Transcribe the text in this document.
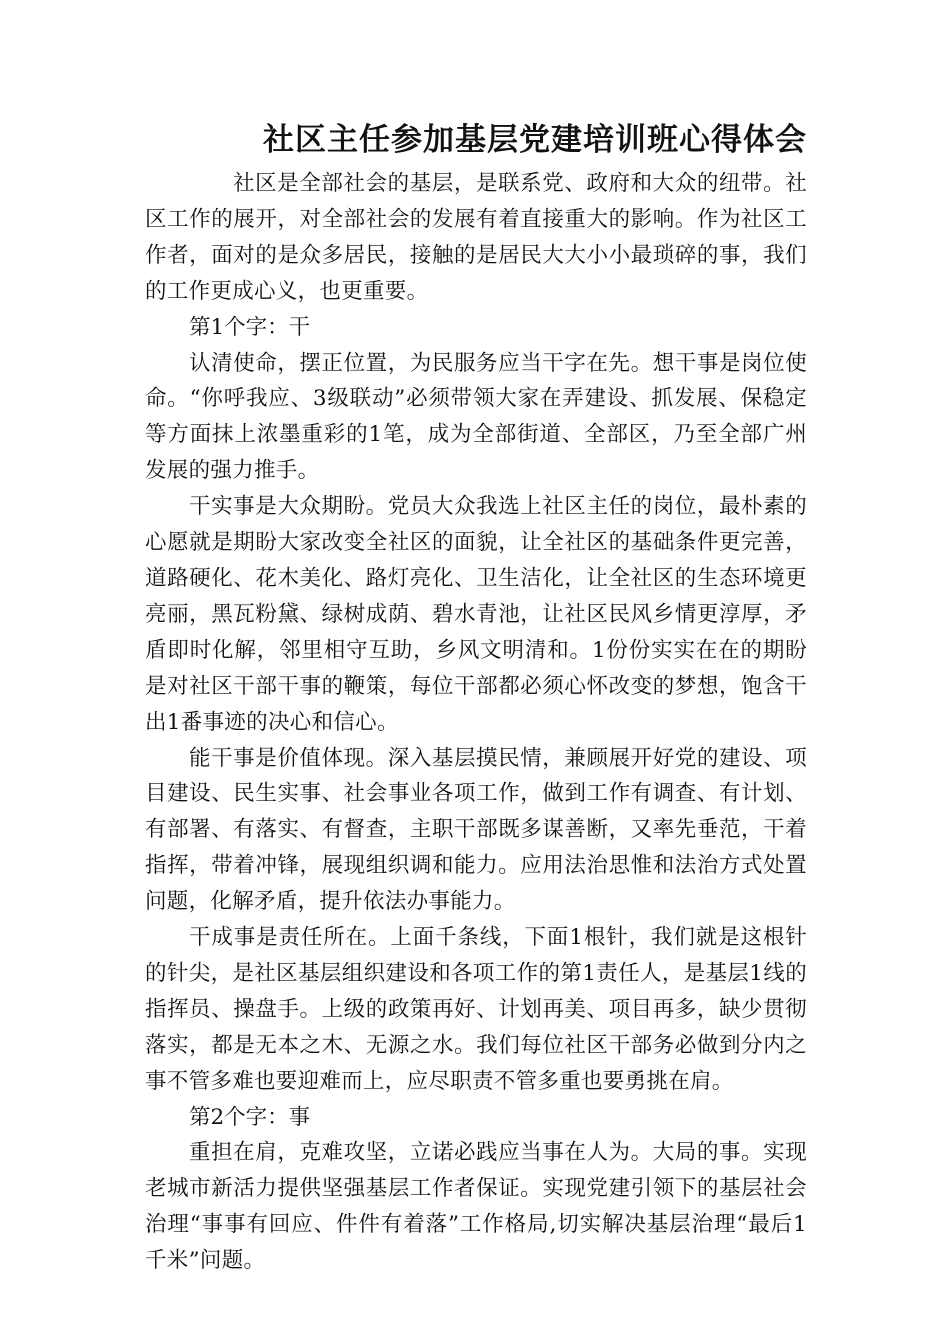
社区主任参加基层党建培训班心得体会

社区是全部社会的基层，是联系党、政府和大众的纽带。社区工作的展开，对全部社会的发展有着直接重大的影响。作为社区工作者，面对的是众多居民，接触的是居民大大小小最琐碎的事，我们的工作更成心义，也更重要。

第1个字：干

认清使命，摆正位置，为民服务应当干字在先。想干事是岗位使命。“你呼我应、3级联动”必须带领大家在弄建设、抓发展、保稳定等方面抹上浓墨重彩的1笔，成为全部街道、全部区，乃至全部广州发展的强力推手。

干实事是大众期盼。党员大众我选上社区主任的岗位，最朴素的心愿就是期盼大家改变全社区的面貌，让全社区的基础条件更完善，道路硬化、花木美化、路灯亮化、卫生洁化，让全社区的生态环境更亮丽，黑瓦粉黛、绿树成荫、碧水青池，让社区民风乡情更淳厚，矛盾即时化解，邻里相守互助，乡风文明清和。1份份实实在在的期盼是对社区干部干事的鞭策，每位干部都必须心怀改变的梦想，饱含干出1番事迹的决心和信心。

能干事是价值体现。深入基层摸民情，兼顾展开好党的建设、项目建设、民生实事、社会事业各项工作，做到工作有调查、有计划、有部署、有落实、有督查，主职干部既多谋善断，又率先垂范，干着指挥，带着冲锋，展现组织调和能力。应用法治思惟和法治方式处置问题，化解矛盾，提升依法办事能力。

干成事是责任所在。上面千条线，下面1根针，我们就是这根针的针尖，是社区基层组织建设和各项工作的第1责任人，是基层1线的指挥员、操盘手。上级的政策再好、计划再美、项目再多，缺少贯彻落实，都是无本之木、无源之水。我们每位社区干部务必做到分内之事不管多难也要迎难而上，应尽职责不管多重也要勇挑在肩。

第2个字：事

重担在肩，克难攻坚，立诺必践应当事在人为。大局的事。实现老城市新活力提供坚强基层工作者保证。实现党建引领下的基层社会治理“事事有回应、件件有着落”工作格局,切实解决基层治理“最后1千米”问题。
